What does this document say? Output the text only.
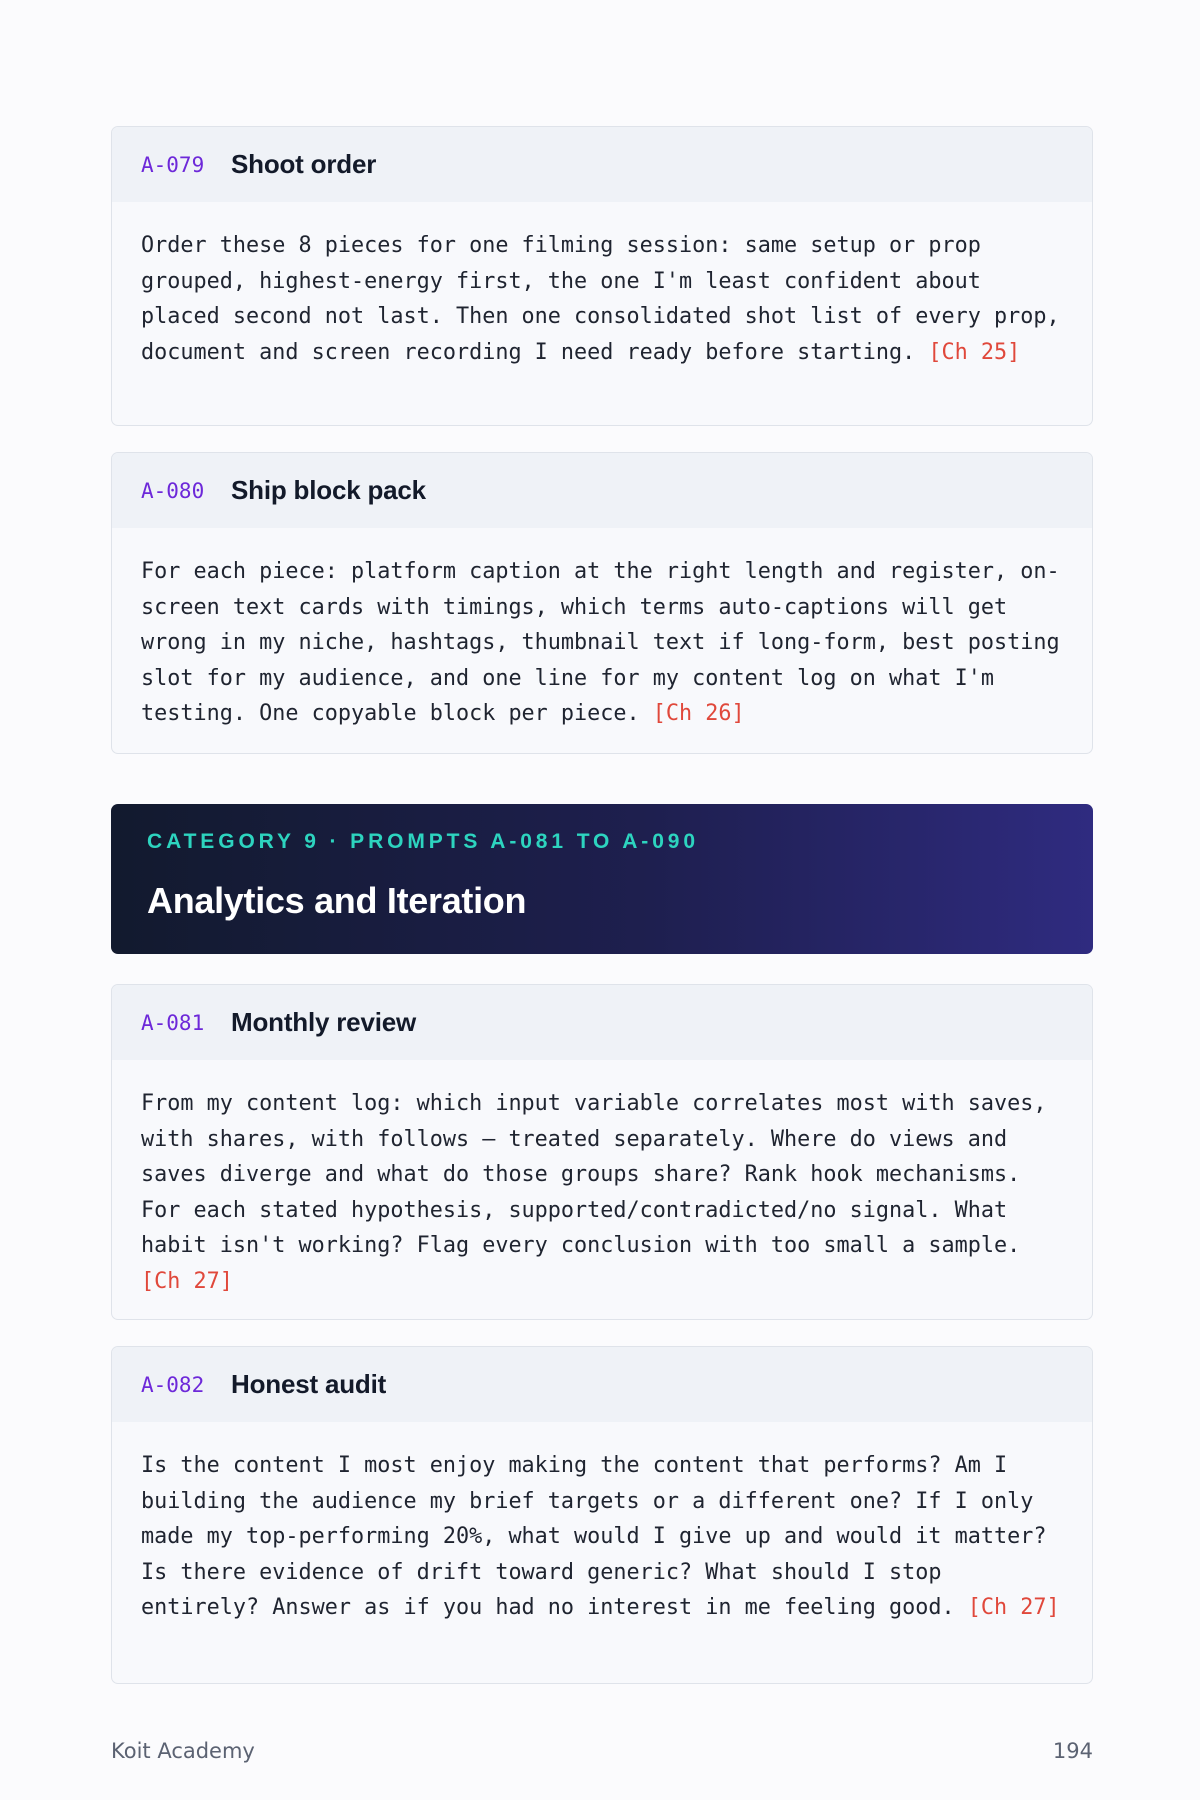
A-079	Shoot order
Order these 8 pieces for one filming session: same setup or prop grouped, highest-energy first, the one I'm least confident about placed second not last. Then one consolidated shot list of every prop, document and screen recording I need ready before starting. [Ch 25]
A-080	Ship block pack
For each piece: platform caption at the right length and register, on-screen text cards with timings, which terms auto-captions will get wrong in my niche, hashtags, thumbnail text if long-form, best posting slot for my audience, and one line for my content log on what I'm testing. One copyable block per piece. [Ch 26]
CATEGORY 9 · PROMPTS A-081 TO A-090
Analytics and Iteration
A-081	Monthly review
From my content log: which input variable correlates most with saves, with shares, with follows — treated separately. Where do views and saves diverge and what do those groups share? Rank hook mechanisms. For each stated hypothesis, supported/contradicted/no signal. What habit isn't working? Flag every conclusion with too small a sample. [Ch 27]
A-082	Honest audit
Is the content I most enjoy making the content that performs? Am I building the audience my brief targets or a different one? If I only made my top-performing 20%, what would I give up and would it matter? Is there evidence of drift toward generic? What should I stop entirely? Answer as if you had no interest in me feeling good. [Ch 27]
Koit Academy	194
